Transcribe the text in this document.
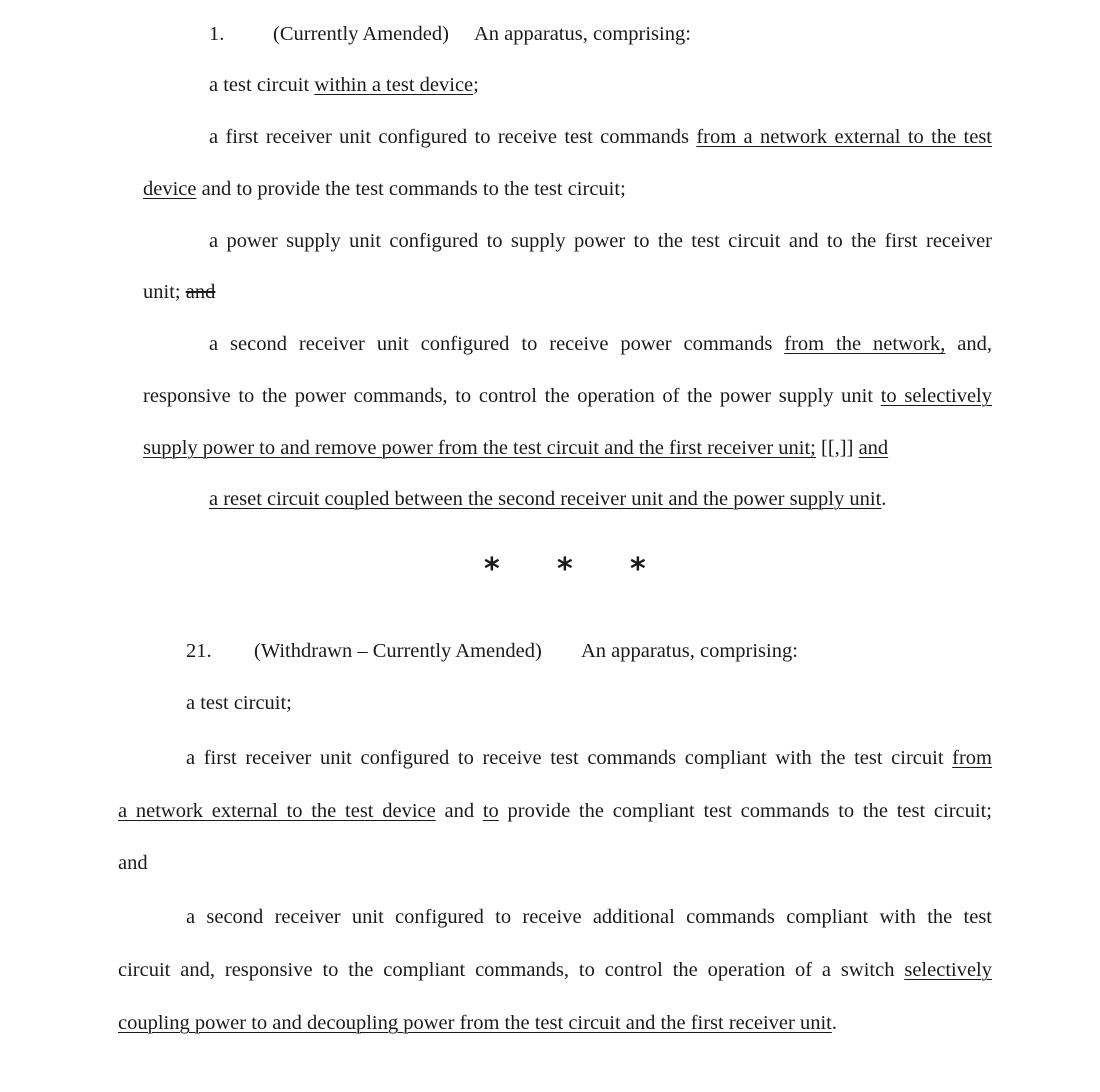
1. (Currently Amended) An apparatus, comprising:
a test circuit within a test device;
a first receiver unit configured to receive test commands from a network external to the test
device and to provide the test commands to the test circuit;
a power supply unit configured to supply power to the test circuit and to the first receiver
unit; and
a second receiver unit configured to receive power commands from the network, and,
responsive to the power commands, to control the operation of the power supply unit to selectively
supply power to and remove power from the test circuit and the first receiver unit; [[,]] and
a reset circuit coupled between the second receiver unit and the power supply unit.
* * *
21. (Withdrawn – Currently Amended) An apparatus, comprising:
a test circuit;
a first receiver unit configured to receive test commands compliant with the test circuit from
a network external to the test device and to provide the compliant test commands to the test circuit;
and
a second receiver unit configured to receive additional commands compliant with the test
circuit and, responsive to the compliant commands, to control the operation of a switch selectively
coupling power to and decoupling power from the test circuit and the first receiver unit.
